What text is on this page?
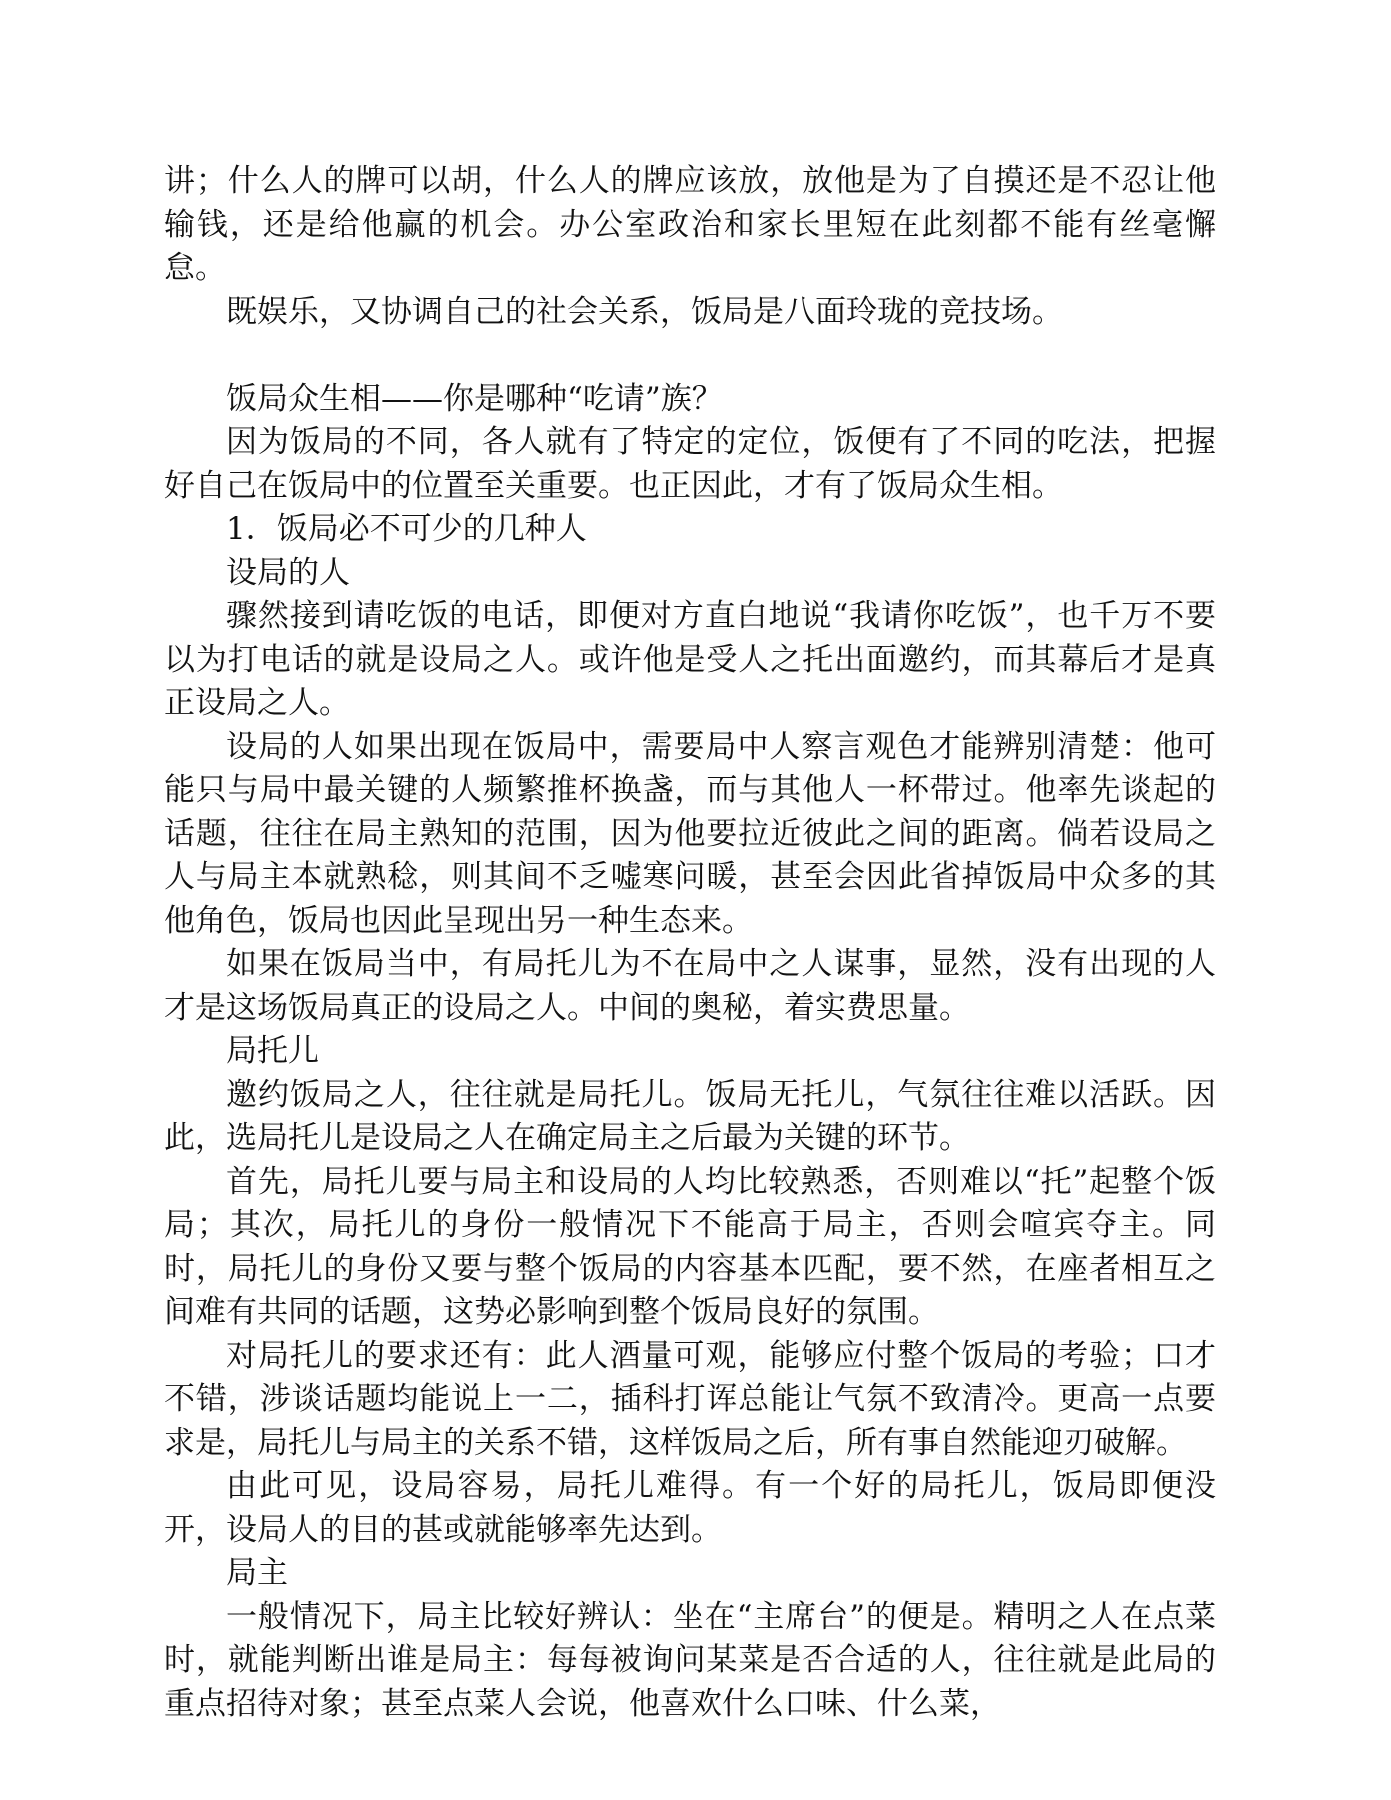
讲；什么人的牌可以胡，什么人的牌应该放，放他是为了自摸还是不忍让他输钱，还是给他赢的机会。办公室政治和家长里短在此刻都不能有丝毫懈怠。

既娱乐，又协调自己的社会关系，饭局是八面玲珑的竞技场。

饭局众生相——你是哪种“吃请”族？

因为饭局的不同，各人就有了特定的定位，饭便有了不同的吃法，把握好自己在饭局中的位置至关重要。也正因此，才有了饭局众生相。

1．饭局必不可少的几种人

设局的人

骤然接到请吃饭的电话，即便对方直白地说“我请你吃饭”，也千万不要以为打电话的就是设局之人。或许他是受人之托出面邀约，而其幕后才是真正设局之人。

设局的人如果出现在饭局中，需要局中人察言观色才能辨别清楚：他可能只与局中最关键的人频繁推杯换盏，而与其他人一杯带过。他率先谈起的话题，往往在局主熟知的范围，因为他要拉近彼此之间的距离。倘若设局之人与局主本就熟稔，则其间不乏嘘寒问暖，甚至会因此省掉饭局中众多的其他角色，饭局也因此呈现出另一种生态来。

如果在饭局当中，有局托儿为不在局中之人谋事，显然，没有出现的人才是这场饭局真正的设局之人。中间的奥秘，着实费思量。

局托儿

邀约饭局之人，往往就是局托儿。饭局无托儿，气氛往往难以活跃。因此，选局托儿是设局之人在确定局主之后最为关键的环节。

首先，局托儿要与局主和设局的人均比较熟悉，否则难以“托”起整个饭局；其次，局托儿的身份一般情况下不能高于局主，否则会喧宾夺主。同时，局托儿的身份又要与整个饭局的内容基本匹配，要不然，在座者相互之间难有共同的话题，这势必影响到整个饭局良好的氛围。

对局托儿的要求还有：此人酒量可观，能够应付整个饭局的考验；口才不错，涉谈话题均能说上一二，插科打诨总能让气氛不致清冷。更高一点要求是，局托儿与局主的关系不错，这样饭局之后，所有事自然能迎刃破解。

由此可见，设局容易，局托儿难得。有一个好的局托儿，饭局即便没开，设局人的目的甚或就能够率先达到。

局主

一般情况下，局主比较好辨认：坐在“主席台”的便是。精明之人在点菜时，就能判断出谁是局主：每每被询问某菜是否合适的人，往往就是此局的重点招待对象；甚至点菜人会说，他喜欢什么口味、什么菜，
